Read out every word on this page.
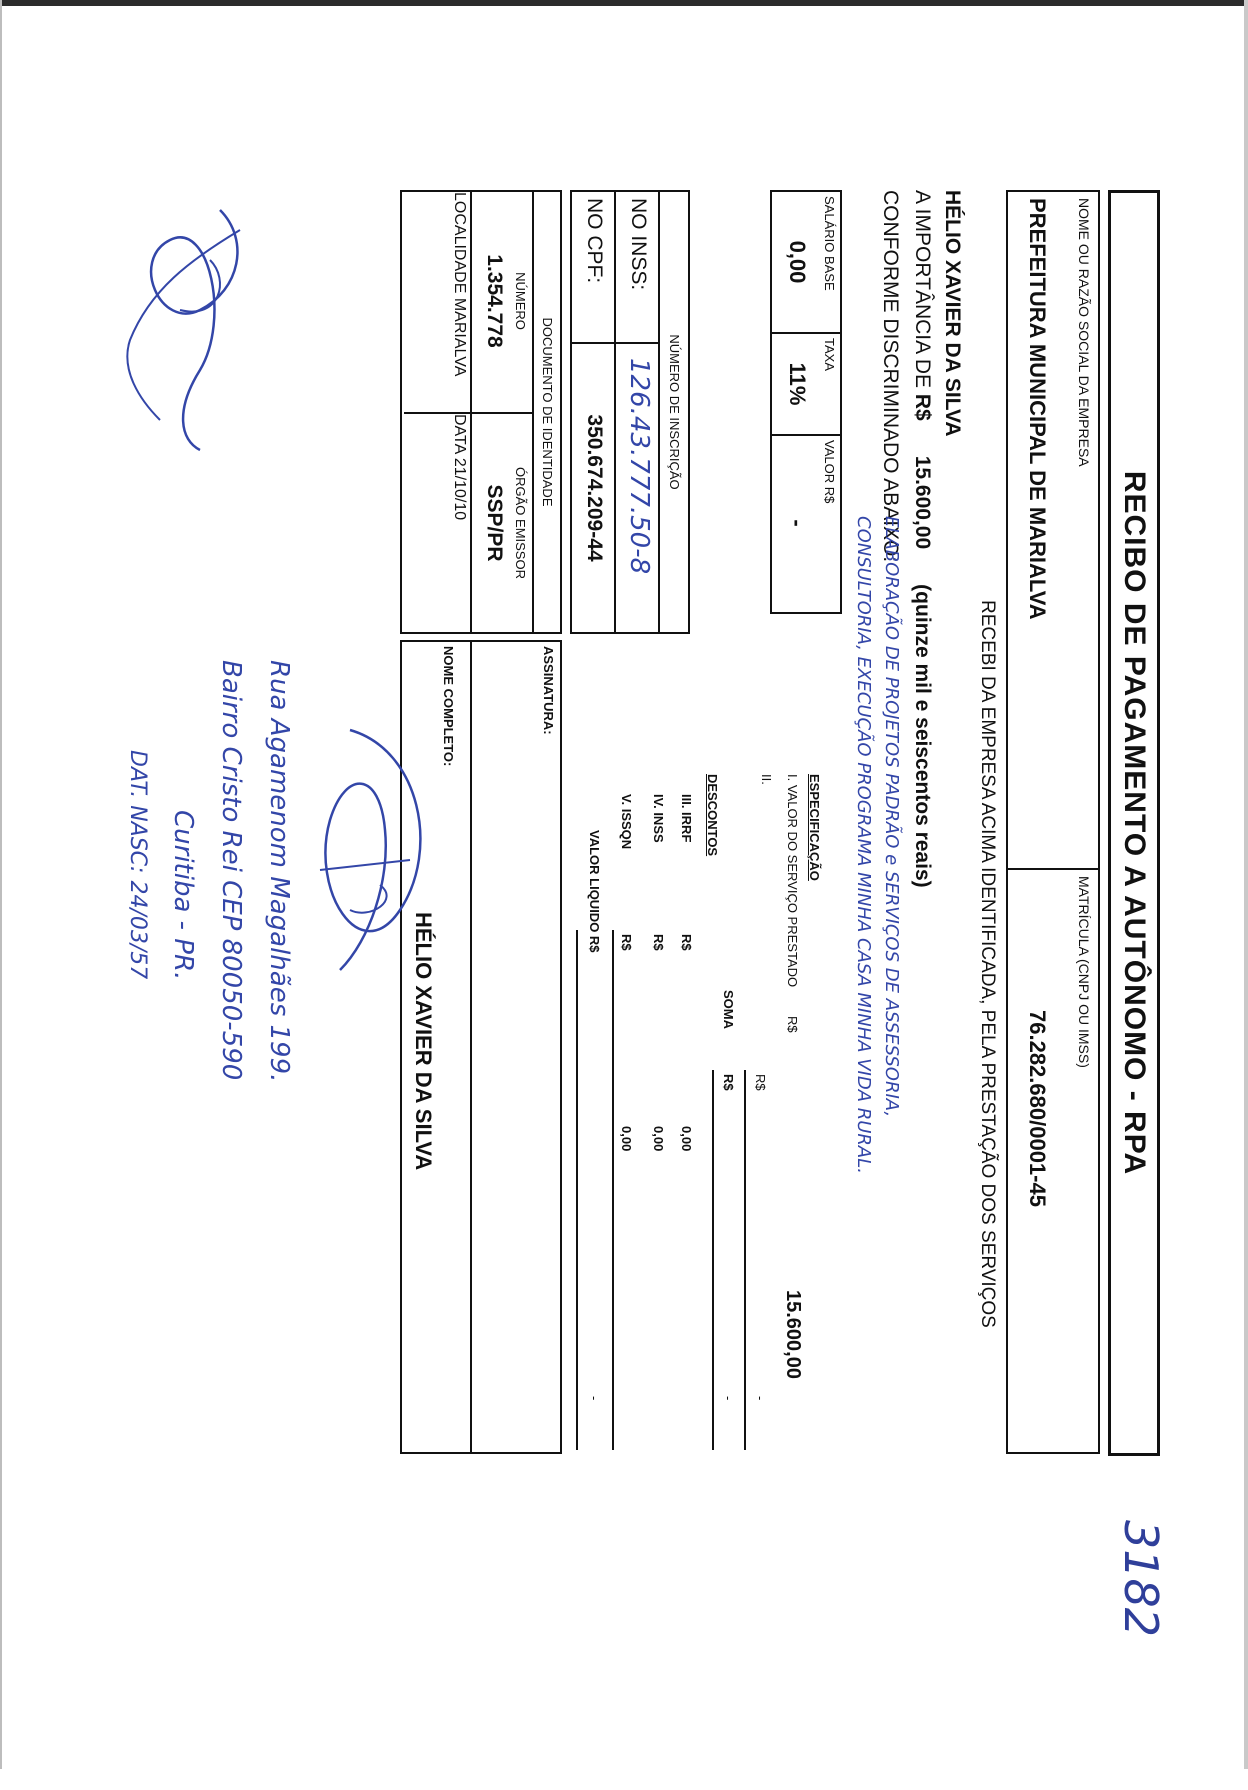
3182
RECIBO DE PAGAMENTO A AUTÔNOMO - RPA
NOME OU RAZÃO SOCIAL DA EMPRESA
PREFEITURA MUNICIPAL DE MARIALVA
MATRÍCULA (CNPJ OU IMSS)
76.282.680/0001-45
RECEBI DA EMPRESA ACIMA IDENTIFICADA, PELA PRESTAÇÃO DOS SERVIÇOS
HÉLIO XAVIER DA SILVA
A IMPORTÂNCIA DE R$      15.600,00      (quinze mil e seiscentos reais)
CONFORME DISCRIMINADO ABAIXO:
ELABORAÇÃO DE PROJETOS PADRÃO e SERVIÇOS DE ASSESSORIA,
CONSULTORIA, EXECUÇÃO PROGRAMA MINHA CASA MINHA VIDA RURAL.
SALÁRIO BASE
0,00
TAXA
11%
VALOR R$
-
ESPECIFICAÇÃO
I. VALOR DO SERVIÇO PRESTADO
R$
15.600,00
II.
R$
-
SOMA
R$
-
DESCONTOS
III. IRRF
R$
0,00
IV. INSS
R$
0,00
V. ISSQN
R$
0,00
VALOR LIQUIDO R$
-
NÚMERO DE INSCRIÇÃO
NO INSS:
126.43.777.50-8
NO CPF:
350.674.209-44
DOCUMENTO DE IDENTIDADE
NÚMERO
1.354.778
ÓRGÃO EMISSOR
SSP/PR
LOCALIDADE MARIALVA
DATA 21/10/10
ASSINATURA:
NOME COMPLETO:
HÉLIO XAVIER DA SILVA
Rua Agamenom Magalhães 199.
Bairro Cristo Rei CEP 80050-590
Curitiba - PR.
DAT. NASC: 24/03/57
